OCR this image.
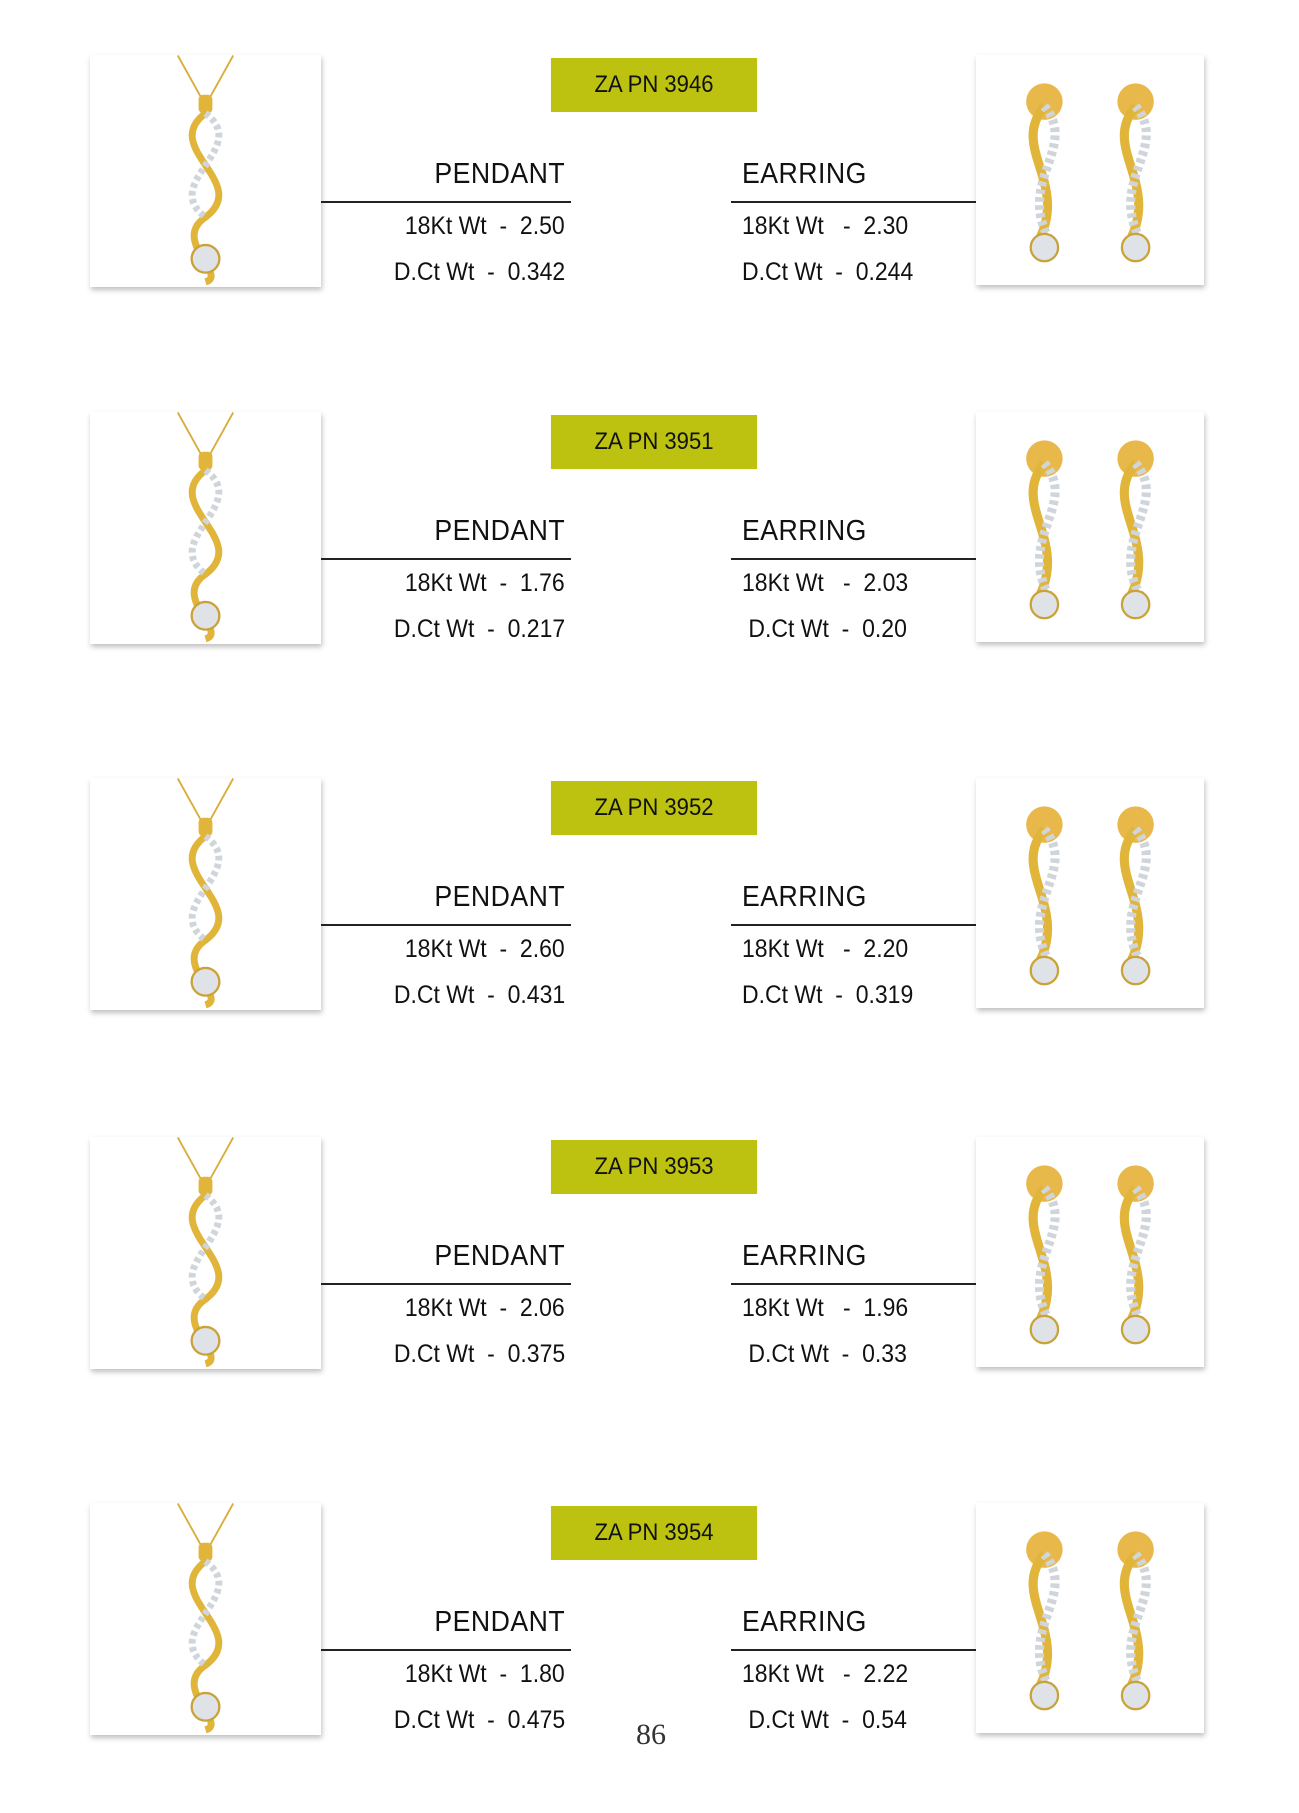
ZA PN 3946
PENDANT
18Kt Wt  -  2.50
D.Ct Wt  -  0.342
EARRING
18Kt Wt   -  2.30
D.Ct Wt  -  0.244
ZA PN 3951
PENDANT
18Kt Wt  -  1.76
D.Ct Wt  -  0.217
EARRING
18Kt Wt   -  2.03
D.Ct Wt  -  0.20
ZA PN 3952
PENDANT
18Kt Wt  -  2.60
D.Ct Wt  -  0.431
EARRING
18Kt Wt   -  2.20
D.Ct Wt  -  0.319
ZA PN 3953
PENDANT
18Kt Wt  -  2.06
D.Ct Wt  -  0.375
EARRING
18Kt Wt   -  1.96
D.Ct Wt  -  0.33
ZA PN 3954
PENDANT
18Kt Wt  -  1.80
D.Ct Wt  -  0.475
EARRING
18Kt Wt   -  2.22
D.Ct Wt  -  0.54
86
